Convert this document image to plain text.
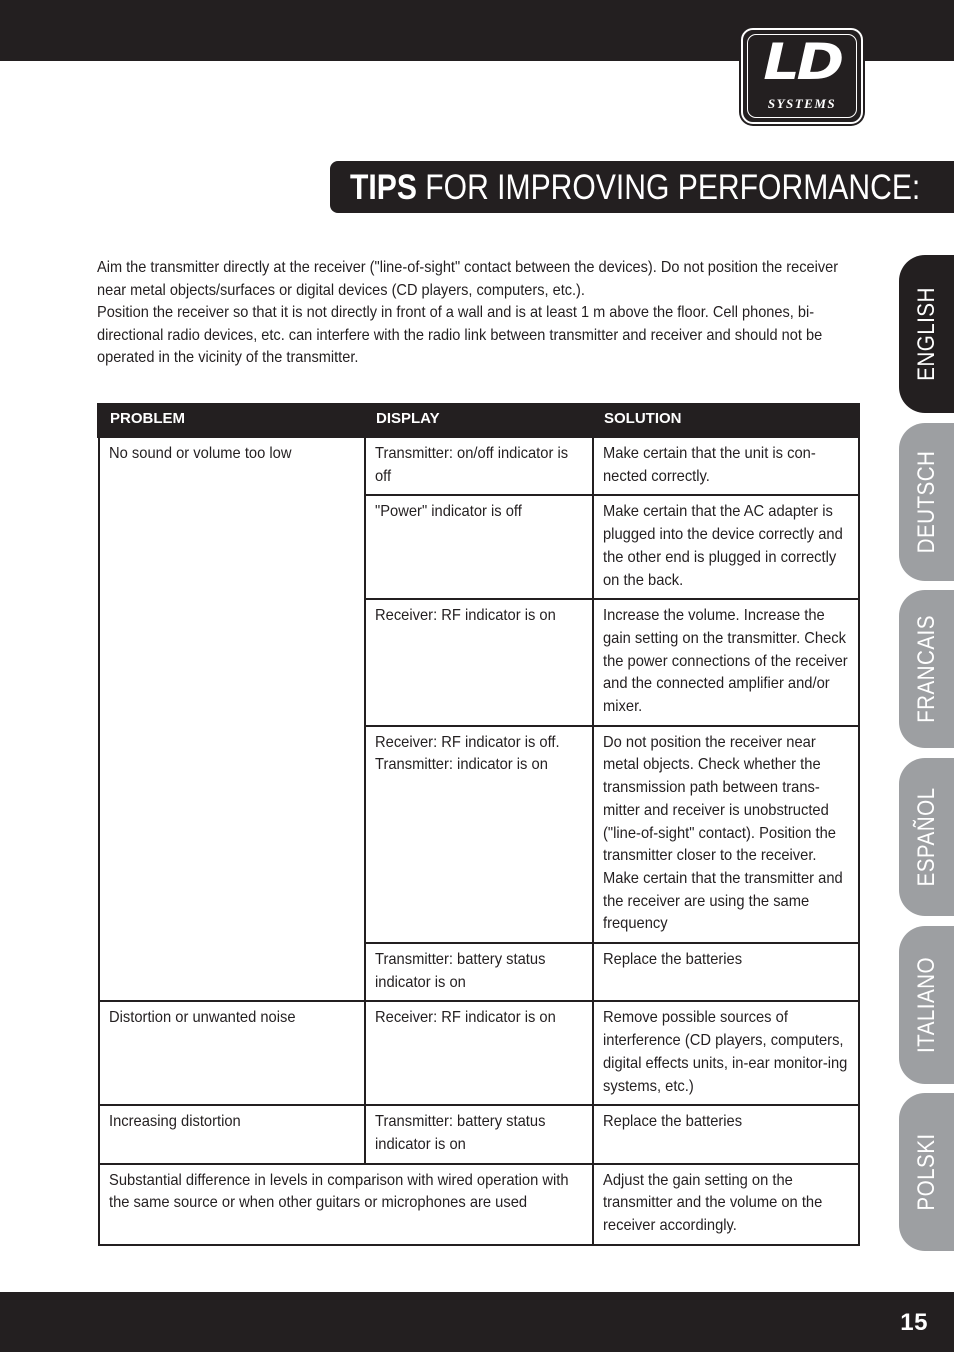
LD
SYSTEMS
TIPS FOR IMPROVING PERFORMANCE:

Aim the transmitter directly at the receiver ("line-of-sight" contact between the devices). Do not position the receiver near metal objects/surfaces or digital devices (CD players, computers, etc.).

Position the receiver so that it is not directly in front of a wall and is at least 1 m above the floor. Cell phones, bi-directional radio devices, etc. can interfere with the radio link between transmitter and receiver and should not be operated in the vicinity of the transmitter.

PROBLEM	DISPLAY	SOLUTION
No sound or volume too low	Transmitter: on/off indicator is off	Make certain that the unit is con-nected correctly.
	"Power" indicator is off	Make certain that the AC adapter is plugged into the device correctly and the other end is plugged in correctly on the back.
	Receiver: RF indicator is on	Increase the volume. Increase the gain setting on the transmitter. Check the power connections of the receiver and the connected amplifier and/or mixer.
	Receiver: RF indicator is off. Transmitter: indicator is on	Do not position the receiver near metal objects. Check whether the transmission path between trans-mitter and receiver is unobstructed ("line-of-sight" contact). Position the transmitter closer to the receiver. Make certain that the transmitter and the receiver are using the same frequency
	Transmitter: battery status indicator is on	Replace the batteries
Distortion or unwanted noise	Receiver: RF indicator is on	Remove possible sources of interference (CD players, computers, digital effects units, in-ear monitor-ing systems, etc.)
Increasing distortion	Transmitter: battery status indicator is on	Replace the batteries
Substantial difference in levels in comparison with wired operation with the same source or when other guitars or microphones are used		Adjust the gain setting on the transmitter and the volume on the receiver accordingly.
ENGLISH
DEUTSCH
FRANCAIS
ESPAÑOL
ITALIANO
POLSKI
15
